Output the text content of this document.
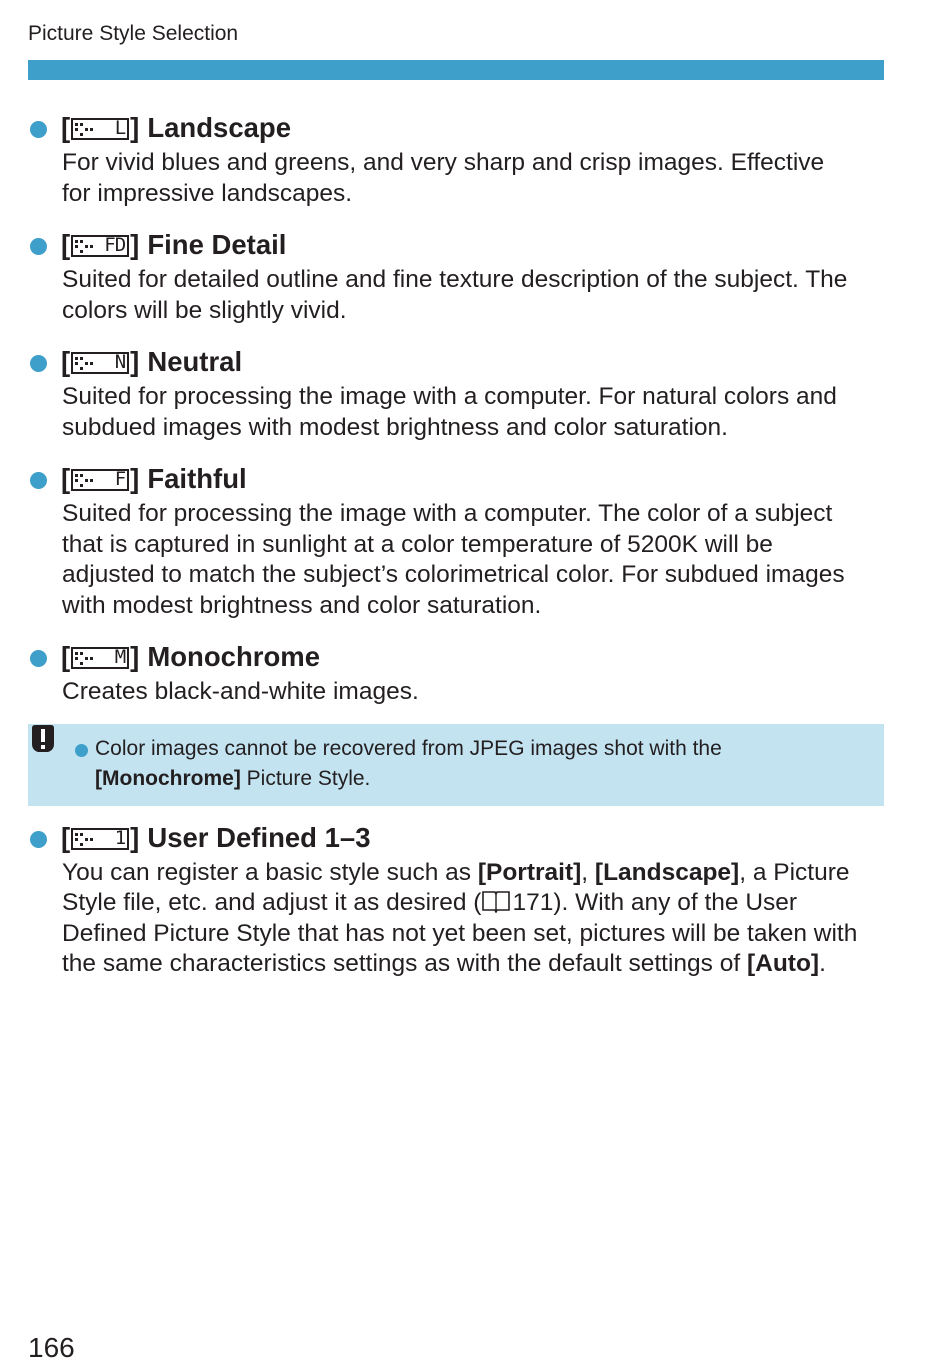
Picture Style Selection
[ L ] Landscape
For vivid blues and greens, and very sharp and crisp images. Effective
for impressive landscapes.
[ FD ] Fine Detail
Suited for detailed outline and fine texture description of the subject. The
colors will be slightly vivid.
[ N ] Neutral
Suited for processing the image with a computer. For natural colors and
subdued images with modest brightness and color saturation.
[ F ] Faithful
Suited for processing the image with a computer. The color of a subject
that is captured in sunlight at a color temperature of 5200K will be
adjusted to match the subject’s colorimetrical color. For subdued images
with modest brightness and color saturation.
[ M ] Monochrome
Creates black-and-white images.
Color images cannot be recovered from JPEG images shot with the
[Monochrome] Picture Style.
[ 1 ] User Defined 1–3
You can register a basic style such as [Portrait], [Landscape], a Picture
Style file, etc. and adjust it as desired ( 171). With any of the User
Defined Picture Style that has not yet been set, pictures will be taken with
the same characteristics settings as with the default settings of [Auto].
166
